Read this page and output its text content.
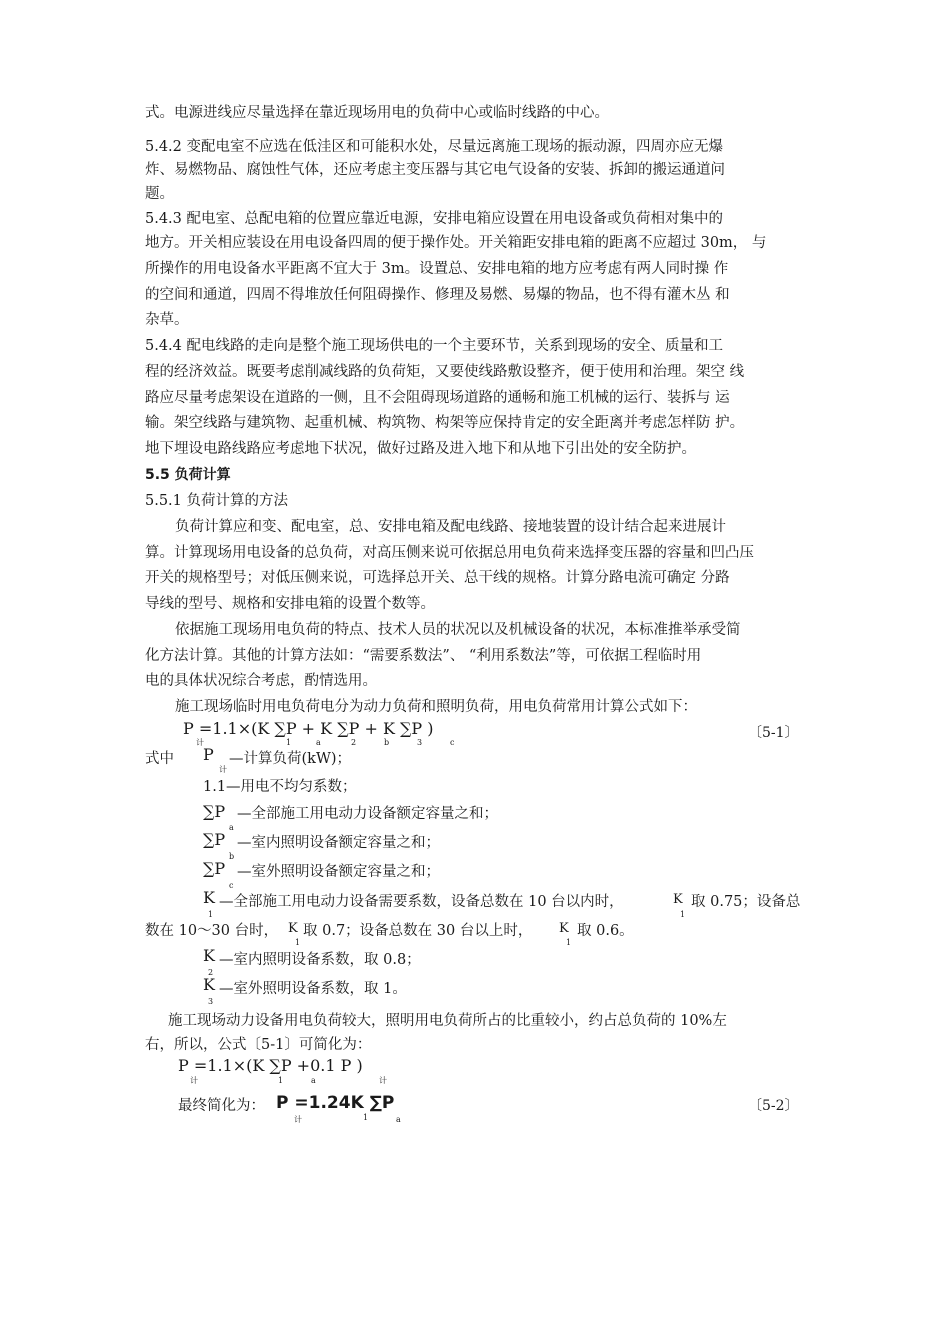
式。电源进线应尽量选择在靠近现场用电的负荷中心或临时线路的中心。
5.4.2 变配电室不应选在低洼区和可能积水处，尽量远离施工现场的振动源，四周亦应无爆
炸、易燃物品、腐蚀性气体，还应考虑主变压器与其它电气设备的安装、拆卸的搬运通道问
题。
5.4.3 配电室、总配电箱的位置应靠近电源，安排电箱应设置在用电设备或负荷相对集中的
地方。开关相应装设在用电设备四周的便于操作处。开关箱距安排电箱的距离不应超过 30m， 与
所操作的用电设备水平距离不宜大于 3m。设置总、安排电箱的地方应考虑有两人同时操 作
的空间和通道，四周不得堆放任何阻碍操作、修理及易燃、易爆的物品，也不得有灌木丛 和
杂草。
5.4.4 配电线路的走向是整个施工现场供电的一个主要环节，关系到现场的安全、质量和工
程的经济效益。既要考虑削减线路的负荷矩，又要使线路敷设整齐，便于使用和治理。架空 线
路应尽量考虑架设在道路的一侧，且不会阻碍现场道路的通畅和施工机械的运行、装拆与 运
输。架空线路与建筑物、起重机械、构筑物、构架等应保持肯定的安全距离并考虑怎样防 护。
地下埋设电路线路应考虑地下状况，做好过路及进入地下和从地下引出处的安全防护。
5.5 负荷计算
5.5.1 负荷计算的方法
负荷计算应和变、配电室，总、安排电箱及配电线路、接地装置的设计结合起来进展计
算。计算现场用电设备的总负荷，对高压侧来说可依据总用电负荷来选择变压器的容量和凹凸压
开关的规格型号；对低压侧来说，可选择总开关、总干线的规格。计算分路电流可确定 分路
导线的型号、规格和安排电箱的设置个数等。
依据施工现场用电负荷的特点、技术人员的状况以及机械设备的状况，本标准推举承受简
化方法计算。其他的计算方法如：“需要系数法”、 “利用系数法”等，可依据工程临时用
电的具体状况综合考虑，酌情选用。
施工现场临时用电负荷电分为动力负荷和照明负荷，用电负荷常用计算公式如下：
P =1.1×(K ∑P + K ∑P + K ∑P )
计	1	a	2	b	3	c
〔5-1〕
式中 P
计
—计算负荷(kW)；
1.1—用电不均匀系数；
∑P
a
—全部施工用电动力设备额定容量之和；
∑P
b
—室内照明设备额定容量之和；
∑P
c
—室外照明设备额定容量之和；
K
1
—全部施工用电动力设备需要系数，设备总数在 10 台以内时，	K
1
取 0.75；设备总
数在 10～30 台时， K
1
取 0.7；设备总数在 30 台以上时， K
1
取 0.6。
K
2
—室内照明设备系数，取 0.8；
K
3
—室外照明设备系数，取 1。
施工现场动力设备用电负荷较大，照明用电负荷所占的比重较小，约占总负荷的 10%左
右，所以，公式〔5-1〕可简化为：
P =1.1×(K ∑P +0.1 P )
计	1	a	计
最终简化为： P =1.24K ∑P
计	1	a
〔5-2〕
